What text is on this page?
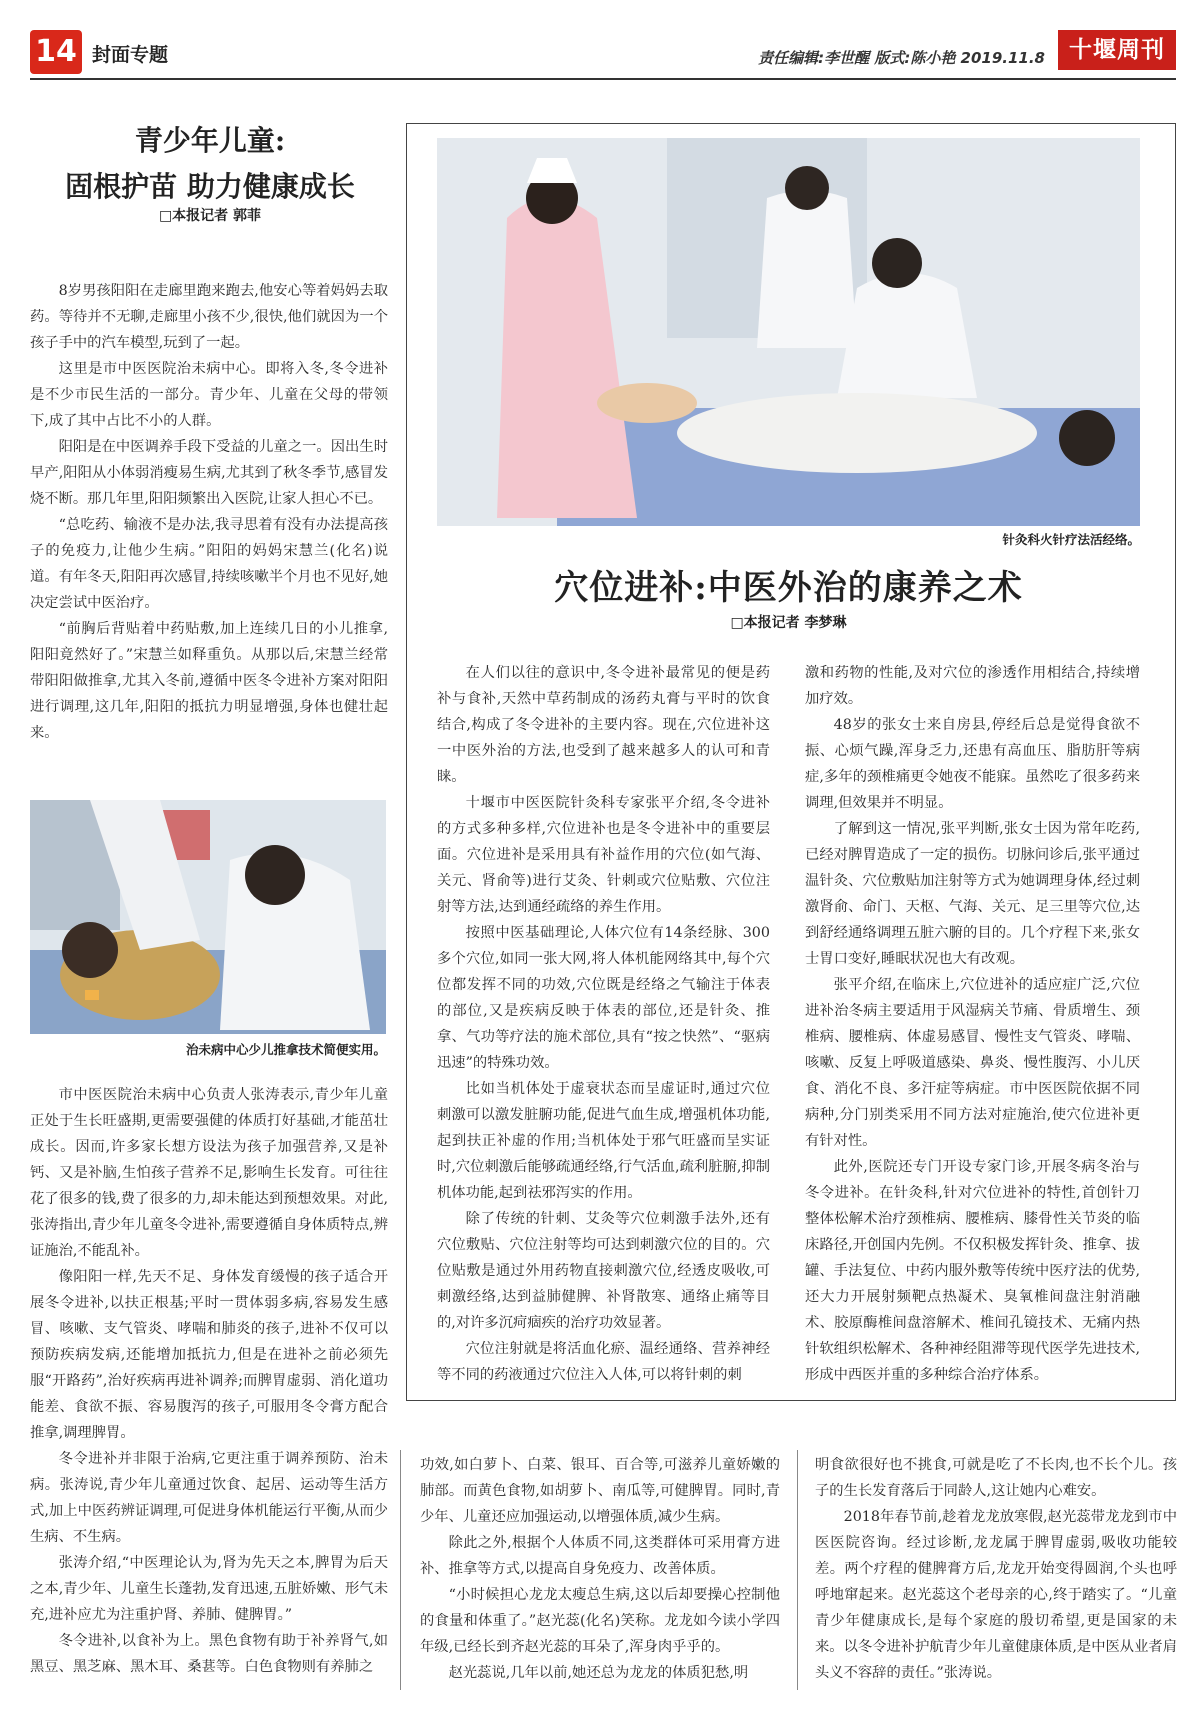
14 封面专题	责任编辑:李世醒 版式:陈小艳 2019.11.8	十堰周刊
青少年儿童:
固根护苗 助力健康成长
□本报记者 郭菲

8岁男孩阳阳在走廊里跑来跑去,他安心等着妈妈去取药。等待并不无聊,走廊里小孩不少,很快,他们就因为一个孩子手中的汽车模型,玩到了一起。

这里是市中医医院治未病中心。即将入冬,冬令进补是不少市民生活的一部分。青少年、儿童在父母的带领下,成了其中占比不小的人群。

阳阳是在中医调养手段下受益的儿童之一。因出生时早产,阳阳从小体弱消瘦易生病,尤其到了秋冬季节,感冒发烧不断。那几年里,阳阳频繁出入医院,让家人担心不已。

“总吃药、输液不是办法,我寻思着有没有办法提高孩子的免疫力,让他少生病。”阳阳的妈妈宋慧兰(化名)说道。有年冬天,阳阳再次感冒,持续咳嗽半个月也不见好,她决定尝试中医治疗。

“前胸后背贴着中药贴敷,加上连续几日的小儿推拿,阳阳竟然好了。”宋慧兰如释重负。从那以后,宋慧兰经常带阳阳做推拿,尤其入冬前,遵循中医冬令进补方案对阳阳进行调理,这几年,阳阳的抵抗力明显增强,身体也健壮起来。

治未病中心少儿推拿技术简便实用。

市中医医院治未病中心负责人张涛表示,青少年儿童正处于生长旺盛期,更需要强健的体质打好基础,才能茁壮成长。因而,许多家长想方设法为孩子加强营养,又是补钙、又是补脑,生怕孩子营养不足,影响生长发育。可往往花了很多的钱,费了很多的力,却未能达到预想效果。对此,张涛指出,青少年儿童冬令进补,需要遵循自身体质特点,辨证施治,不能乱补。

像阳阳一样,先天不足、身体发育缓慢的孩子适合开展冬令进补,以扶正根基;平时一贯体弱多病,容易发生感冒、咳嗽、支气管炎、哮喘和肺炎的孩子,进补不仅可以预防疾病发病,还能增加抵抗力,但是在进补之前必须先服“开路药”,治好疾病再进补调养;而脾胃虚弱、消化道功能差、食欲不振、容易腹泻的孩子,可服用冬令膏方配合推拿,调理脾胃。

冬令进补并非限于治病,它更注重于调养预防、治未病。张涛说,青少年儿童通过饮食、起居、运动等生活方式,加上中医药辨证调理,可促进身体机能运行平衡,从而少生病、不生病。

张涛介绍,“中医理论认为,肾为先天之本,脾胃为后天之本,青少年、儿童生长蓬勃,发育迅速,五脏娇嫩、形气未充,进补应尤为注重护肾、养肺、健脾胃。”

冬令进补,以食补为上。黑色食物有助于补养肾气,如黑豆、黑芝麻、黑木耳、桑葚等。白色食物则有养肺之

针灸科火针疗法活经络。
穴位进补:中医外治的康养之术
□本报记者 李梦琳

在人们以往的意识中,冬令进补最常见的便是药补与食补,天然中草药制成的汤药丸膏与平时的饮食结合,构成了冬令进补的主要内容。现在,穴位进补这一中医外治的方法,也受到了越来越多人的认可和青睐。

十堰市中医医院针灸科专家张平介绍,冬令进补的方式多种多样,穴位进补也是冬令进补中的重要层面。穴位进补是采用具有补益作用的穴位(如气海、关元、肾俞等)进行艾灸、针刺或穴位贴敷、穴位注射等方法,达到通经疏络的养生作用。

按照中医基础理论,人体穴位有14条经脉、300多个穴位,如同一张大网,将人体机能网络其中,每个穴位都发挥不同的功效,穴位既是经络之气输注于体表的部位,又是疾病反映于体表的部位,还是针灸、推拿、气功等疗法的施术部位,具有“按之快然”、“驱病迅速”的特殊功效。

比如当机体处于虚衰状态而呈虚证时,通过穴位刺激可以激发脏腑功能,促进气血生成,增强机体功能,起到扶正补虚的作用;当机体处于邪气旺盛而呈实证时,穴位刺激后能够疏通经络,行气活血,疏利脏腑,抑制机体功能,起到祛邪泻实的作用。

除了传统的针刺、艾灸等穴位刺激手法外,还有穴位敷贴、穴位注射等均可达到刺激穴位的目的。穴位贴敷是通过外用药物直接刺激穴位,经透皮吸收,可刺激经络,达到益肺健脾、补肾散寒、通络止痛等目的,对许多沉疴痼疾的治疗功效显著。

穴位注射就是将活血化瘀、温经通络、营养神经等不同的药液通过穴位注入人体,可以将针刺的刺

激和药物的性能,及对穴位的渗透作用相结合,持续增加疗效。

48岁的张女士来自房县,停经后总是觉得食欲不振、心烦气躁,浑身乏力,还患有高血压、脂肪肝等病症,多年的颈椎痛更令她夜不能寐。虽然吃了很多药来调理,但效果并不明显。

了解到这一情况,张平判断,张女士因为常年吃药,已经对脾胃造成了一定的损伤。切脉问诊后,张平通过温针灸、穴位敷贴加注射等方式为她调理身体,经过刺激肾俞、命门、天枢、气海、关元、足三里等穴位,达到舒经通络调理五脏六腑的目的。几个疗程下来,张女士胃口变好,睡眠状况也大有改观。

张平介绍,在临床上,穴位进补的适应症广泛,穴位进补治冬病主要适用于风湿病关节痛、骨质增生、颈椎病、腰椎病、体虚易感冒、慢性支气管炎、哮喘、咳嗽、反复上呼吸道感染、鼻炎、慢性腹泻、小儿厌食、消化不良、多汗症等病症。市中医医院依据不同病种,分门别类采用不同方法对症施治,使穴位进补更有针对性。

此外,医院还专门开设专家门诊,开展冬病冬治与冬令进补。在针灸科,针对穴位进补的特性,首创针刀整体松解术治疗颈椎病、腰椎病、膝骨性关节炎的临床路径,开创国内先例。不仅积极发挥针灸、推拿、拔罐、手法复位、中药内服外敷等传统中医疗法的优势,还大力开展射频靶点热凝术、臭氧椎间盘注射消融术、胶原酶椎间盘溶解术、椎间孔镜技术、无痛内热针软组织松解术、各种神经阻滞等现代医学先进技术,形成中西医并重的多种综合治疗体系。

功效,如白萝卜、白菜、银耳、百合等,可滋养儿童娇嫩的肺部。而黄色食物,如胡萝卜、南瓜等,可健脾胃。同时,青少年、儿童还应加强运动,以增强体质,减少生病。

除此之外,根据个人体质不同,这类群体可采用膏方进补、推拿等方式,以提高自身免疫力、改善体质。

“小时候担心龙龙太瘦总生病,这以后却要操心控制他的食量和体重了。”赵光蕊(化名)笑称。龙龙如今读小学四年级,已经长到齐赵光蕊的耳朵了,浑身肉乎乎的。

赵光蕊说,几年以前,她还总为龙龙的体质犯愁,明

明食欲很好也不挑食,可就是吃了不长肉,也不长个儿。孩子的生长发育落后于同龄人,这让她内心难安。

2018年春节前,趁着龙龙放寒假,赵光蕊带龙龙到市中医医院咨询。经过诊断,龙龙属于脾胃虚弱,吸收功能较差。两个疗程的健脾膏方后,龙龙开始变得圆润,个头也呼呼地窜起来。赵光蕊这个老母亲的心,终于踏实了。“儿童青少年健康成长,是每个家庭的殷切希望,更是国家的未来。以冬令进补护航青少年儿童健康体质,是中医从业者肩头义不容辞的责任。”张涛说。
